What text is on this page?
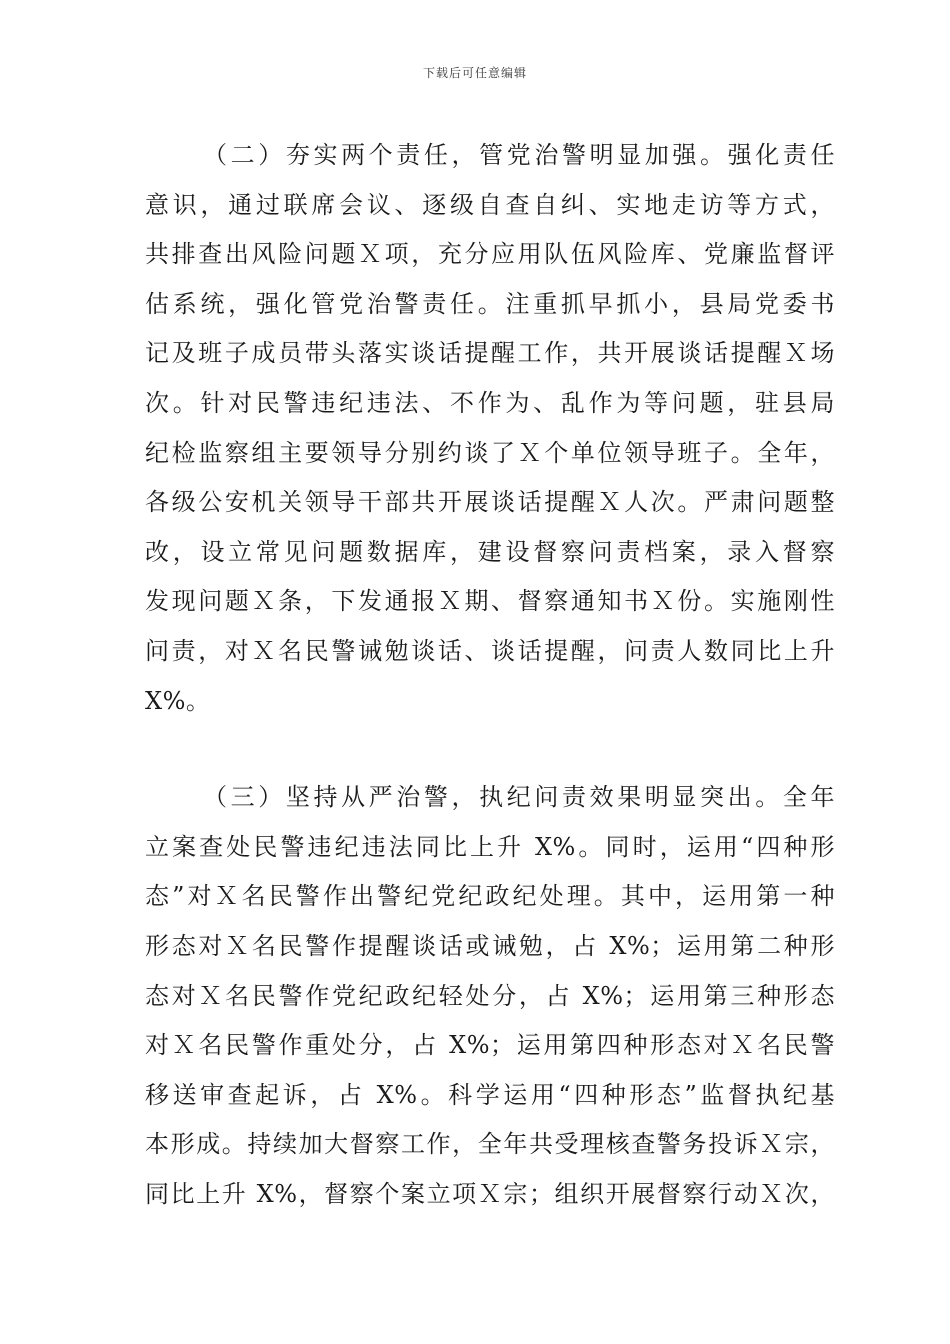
下载后可任意编辑
（二）夯实两个责任，管党治警明显加强。强化责任
意识，通过联席会议、逐级自查自纠、实地走访等方式，
共排查出风险问题Ｘ项，充分应用队伍风险库、党廉监督评
估系统，强化管党治警责任。注重抓早抓小，县局党委书
记及班子成员带头落实谈话提醒工作，共开展谈话提醒Ｘ场
次。针对民警违纪违法、不作为、乱作为等问题，驻县局
纪检监察组主要领导分别约谈了Ｘ个单位领导班子。全年，
各级公安机关领导干部共开展谈话提醒Ｘ人次。严肃问题整
改，设立常见问题数据库，建设督察问责档案，录入督察
发现问题Ｘ条，下发通报Ｘ期、督察通知书Ｘ份。实施刚性
问责，对Ｘ名民警诫勉谈话、谈话提醒，问责人数同比上升
X%。
（三）坚持从严治警，执纪问责效果明显突出。全年
立案查处民警违纪违法同比上升 X%。同时，运用“四种形
态”对Ｘ名民警作出警纪党纪政纪处理。其中，运用第一种
形态对Ｘ名民警作提醒谈话或诫勉，占 X%；运用第二种形
态对Ｘ名民警作党纪政纪轻处分，占 X%；运用第三种形态
对Ｘ名民警作重处分，占 X%；运用第四种形态对Ｘ名民警
移送审查起诉，占 X%。科学运用“四种形态”监督执纪基
本形成。持续加大督察工作，全年共受理核查警务投诉Ｘ宗，
同比上升 X%，督察个案立项Ｘ宗；组织开展督察行动Ｘ次，
